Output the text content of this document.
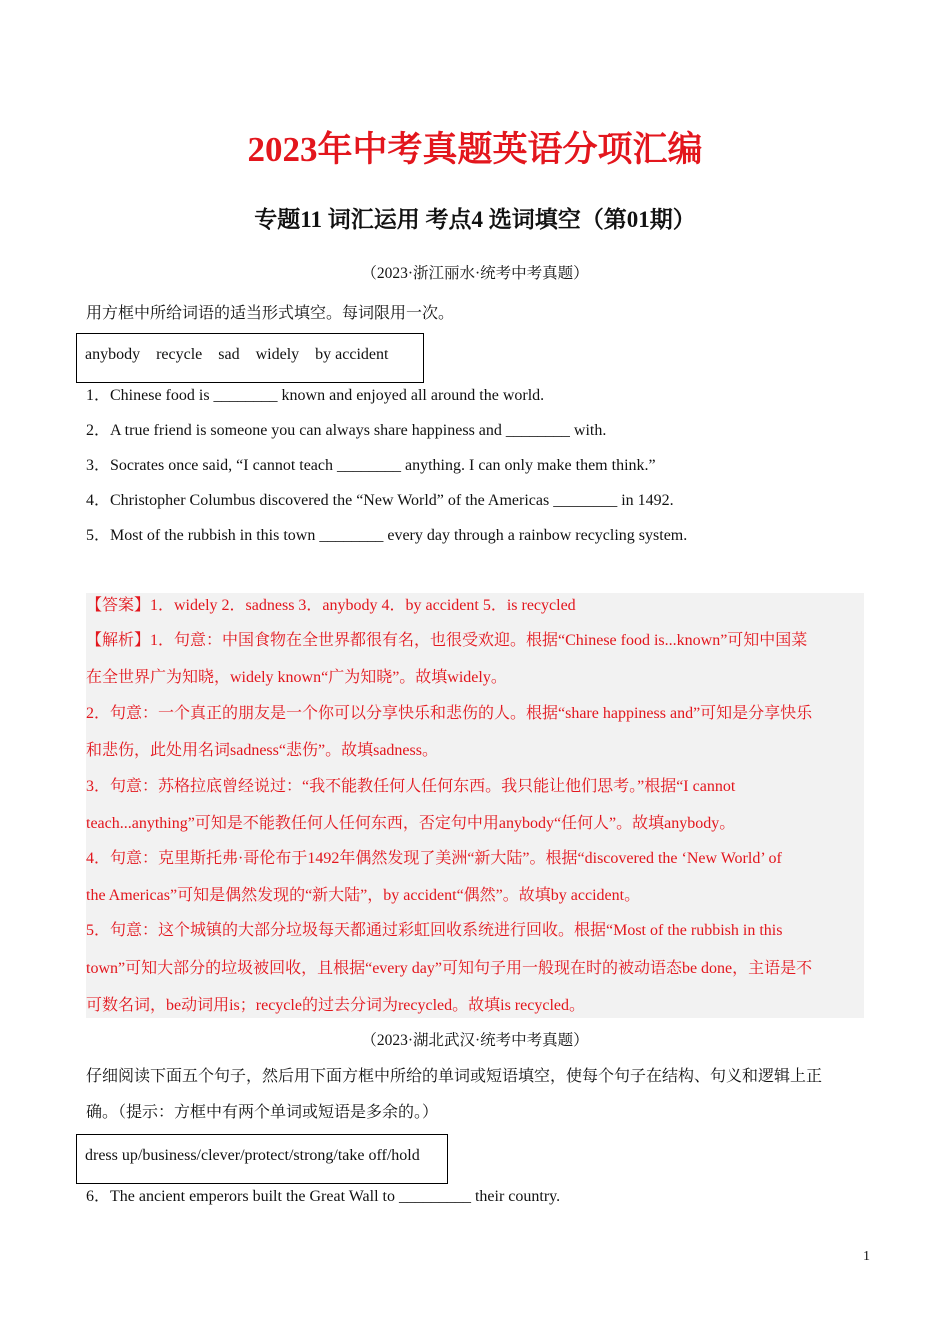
2023年中考真题英语分项汇编
专题11 词汇运用 考点4 选词填空（第01期）
（2023·浙江丽水·统考中考真题）
用方框中所给词语的适当形式填空。每词限用一次。
anybody    recycle    sad    widely    by accident
1．Chinese food is ________ known and enjoyed all around the world.
2．A true friend is someone you can always share happiness and ________ with.
3．Socrates once said, “I cannot teach ________ anything. I can only make them think.”
4．Christopher Columbus discovered the “New World” of the Americas ________ in 1492.
5．Most of the rubbish in this town ________ every day through a rainbow recycling system.
【答案】1．widely 2．sadness 3．anybody 4．by accident 5．is recycled
【解析】1．句意：中国食物在全世界都很有名，也很受欢迎。根据“Chinese food is...known”可知中国菜
在全世界广为知晓，widely known“广为知晓”。故填widely。
2．句意：一个真正的朋友是一个你可以分享快乐和悲伤的人。根据“share happiness and”可知是分享快乐
和悲伤，此处用名词sadness“悲伤”。故填sadness。
3．句意：苏格拉底曾经说过：“我不能教任何人任何东西。我只能让他们思考。”根据“I cannot
teach...anything”可知是不能教任何人任何东西，否定句中用anybody“任何人”。故填anybody。
4．句意：克里斯托弗·哥伦布于1492年偶然发现了美洲“新大陆”。根据“discovered the ‘New World’ of
the Americas”可知是偶然发现的“新大陆”，by accident“偶然”。故填by accident。
5．句意：这个城镇的大部分垃圾每天都通过彩虹回收系统进行回收。根据“Most of the rubbish in this
town”可知大部分的垃圾被回收，且根据“every day”可知句子用一般现在时的被动语态be done，主语是不
可数名词，be动词用is；recycle的过去分词为recycled。故填is recycled。
（2023·湖北武汉·统考中考真题）
仔细阅读下面五个句子，然后用下面方框中所给的单词或短语填空，使每个句子在结构、句义和逻辑上正
确。（提示：方框中有两个单词或短语是多余的。）
dress up/business/clever/protect/strong/take off/hold
6．The ancient emperors built the Great Wall to _________ their country.
1
